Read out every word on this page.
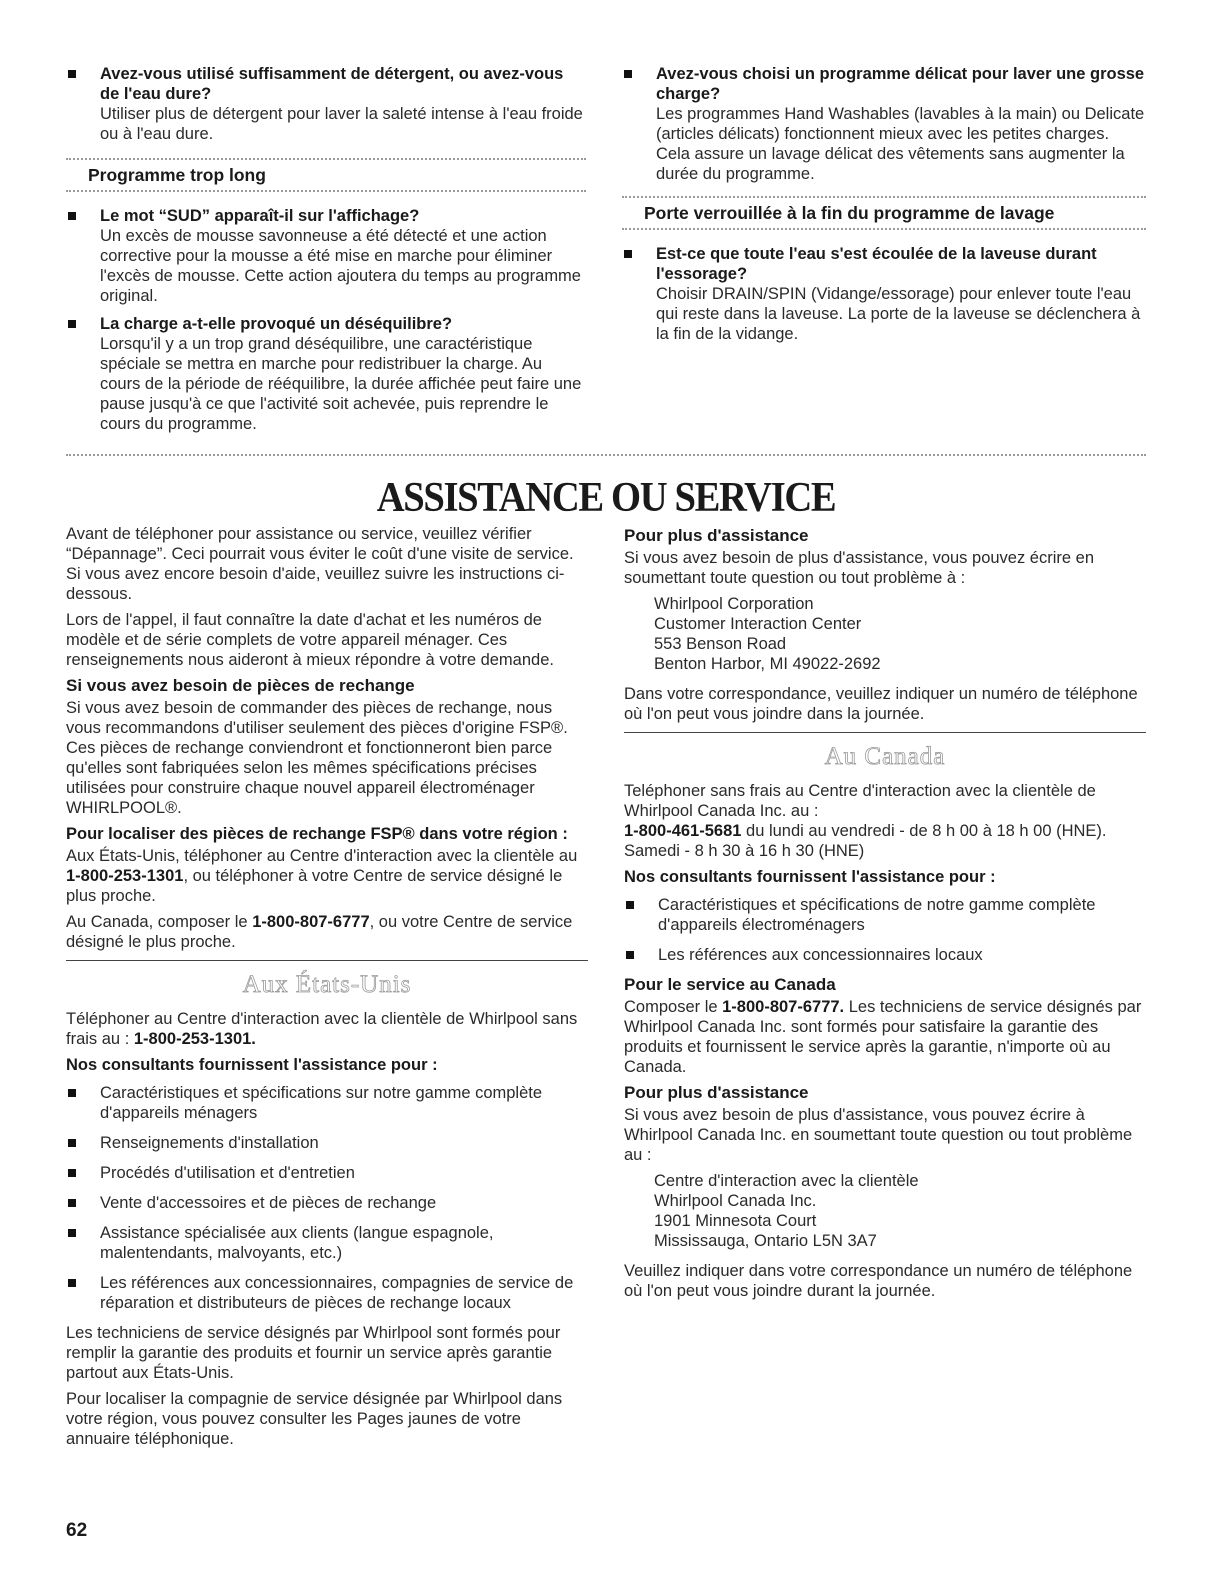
Avez-vous utilisé suffisamment de détergent, ou avez-vous de l'eau dure?
Utiliser plus de détergent pour laver la saleté intense à l'eau froide ou à l'eau dure.
Programme trop long
Le mot “SUD” apparaît-il sur l'affichage?
Un excès de mousse savonneuse a été détecté et une action corrective pour la mousse a été mise en marche pour éliminer l'excès de mousse. Cette action ajoutera du temps au programme original.
La charge a-t-elle provoqué un déséquilibre?
Lorsqu'il y a un trop grand déséquilibre, une caractéristique spéciale se mettra en marche pour redistribuer la charge. Au cours de la période de rééquilibre, la durée affichée peut faire une pause jusqu'à ce que l'activité soit achevée, puis reprendre le cours du programme.
Avez-vous choisi un programme délicat pour laver une grosse charge?
Les programmes Hand Washables (lavables à la main) ou Delicate (articles délicats) fonctionnent mieux avec les petites charges. Cela assure un lavage délicat des vêtements sans augmenter la durée du programme.
Porte verrouillée à la fin du programme de lavage
Est-ce que toute l'eau s'est écoulée de la laveuse durant l'essorage?
Choisir DRAIN/SPIN (Vidange/essorage) pour enlever toute l'eau qui reste dans la laveuse. La porte de la laveuse se déclenchera à la fin de la vidange.
ASSISTANCE OU SERVICE

Avant de téléphoner pour assistance ou service, veuillez vérifier “Dépannage”. Ceci pourrait vous éviter le coût d'une visite de service. Si vous avez encore besoin d'aide, veuillez suivre les instructions ci-dessous.

Lors de l'appel, il faut connaître la date d'achat et les numéros de modèle et de série complets de votre appareil ménager. Ces renseignements nous aideront à mieux répondre à votre demande.

Si vous avez besoin de pièces de rechange

Si vous avez besoin de commander des pièces de rechange, nous vous recommandons d'utiliser seulement des pièces d'origine FSP®. Ces pièces de rechange conviendront et fonctionneront bien parce qu'elles sont fabriquées selon les mêmes spécifications précises utilisées pour construire chaque nouvel appareil électroménager WHIRLPOOL®.

Pour localiser des pièces de rechange FSP® dans votre région :

Aux États-Unis, téléphoner au Centre d'interaction avec la clientèle au 1-800-253-1301, ou téléphoner à votre Centre de service désigné le plus proche.

Au Canada, composer le 1-800-807-6777, ou votre Centre de service désigné le plus proche.

Aux États-Unis

Téléphoner au Centre d'interaction avec la clientèle de Whirlpool sans frais au : 1-800-253-1301.

Nos consultants fournissent l'assistance pour :
Caractéristiques et spécifications sur notre gamme complète d'appareils ménagers
Renseignements d'installation
Procédés d'utilisation et d'entretien
Vente d'accessoires et de pièces de rechange
Assistance spécialisée aux clients (langue espagnole, malentendants, malvoyants, etc.)
Les références aux concessionnaires, compagnies de service de réparation et distributeurs de pièces de rechange locaux

Les techniciens de service désignés par Whirlpool sont formés pour remplir la garantie des produits et fournir un service après garantie partout aux États-Unis.

Pour localiser la compagnie de service désignée par Whirlpool dans votre région, vous pouvez consulter les Pages jaunes de votre annuaire téléphonique.

Pour plus d'assistance

Si vous avez besoin de plus d'assistance, vous pouvez écrire en soumettant toute question ou tout problème à :

Whirlpool Corporation
Customer Interaction Center
553 Benson Road
Benton Harbor, MI 49022-2692

Dans votre correspondance, veuillez indiquer un numéro de téléphone où l'on peut vous joindre dans la journée.

Au Canada

Teléphoner sans frais au Centre d'interaction avec la clientèle de Whirlpool Canada Inc. au :

1-800-461-5681 du lundi au vendredi - de 8 h 00 à 18 h 00 (HNE).

Samedi - 8 h 30 à 16 h 30 (HNE)

Nos consultants fournissent l'assistance pour :
Caractéristiques et spécifications de notre gamme complète d'appareils électroménagers
Les références aux concessionnaires locaux
Pour le service au Canada

Composer le 1-800-807-6777. Les techniciens de service désignés par Whirlpool Canada Inc. sont formés pour satisfaire la garantie des produits et fournissent le service après la garantie, n'importe où au Canada.

Pour plus d'assistance

Si vous avez besoin de plus d'assistance, vous pouvez écrire à Whirlpool Canada Inc. en soumettant toute question ou tout problème au :

Centre d'interaction avec la clientèle
Whirlpool Canada Inc.
1901 Minnesota Court
Mississauga, Ontario L5N 3A7

Veuillez indiquer dans votre correspondance un numéro de téléphone où l'on peut vous joindre durant la journée.

62
